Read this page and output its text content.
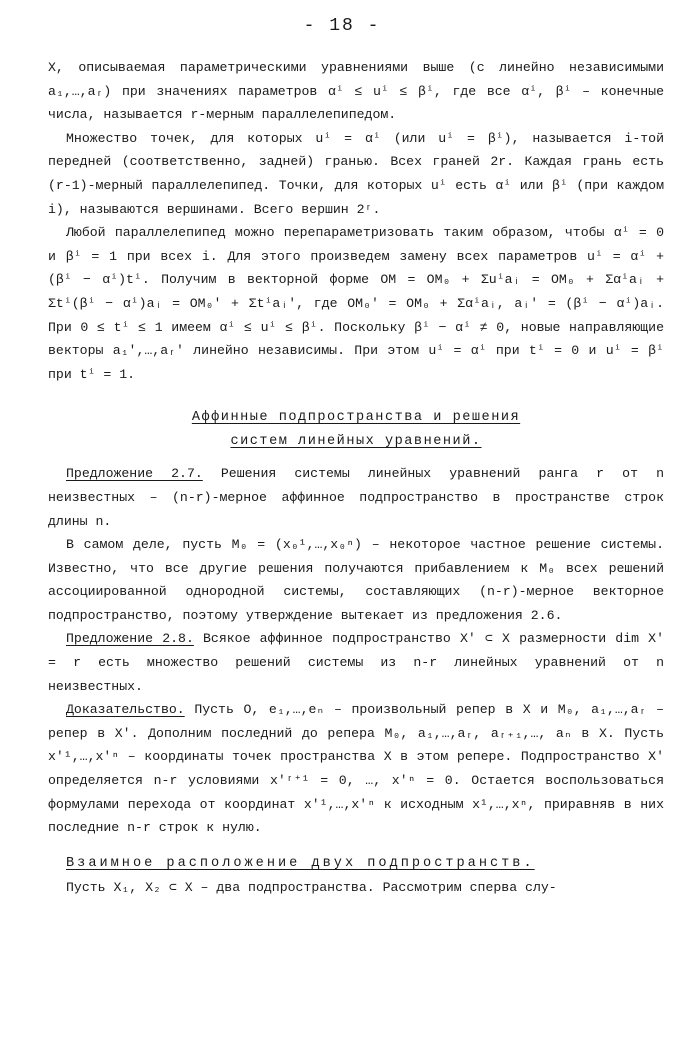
- 18 -

X, описываемая параметрическими уравнениями выше (с линейно независимыми a₁,…,aᵣ) при значениях параметров αⁱ ≤ uⁱ ≤ βⁱ, где все αⁱ, βⁱ – конечные числа, называется r-мерным параллелепипедом.

Множество точек, для которых uⁱ = αⁱ (или uⁱ = βⁱ), называется i-той передней (соответственно, задней) гранью. Всех граней 2r. Каждая грань есть (r-1)-мерный параллелепипед. Точки, для которых uⁱ есть αⁱ или βⁱ (при каждом i), называются вершинами. Всего вершин 2ʳ.

Любой параллелепипед можно перепараметризовать таким образом, чтобы αⁱ = 0 и βⁱ = 1 при всех i. Для этого произведем замену всех параметров uⁱ = αⁱ + (βⁱ − αⁱ)tⁱ. Получим в векторной форме OM = OM₀ + Σuⁱaᵢ = OM₀ + Σαⁱaᵢ + Σtⁱ(βⁱ − αⁱ)aᵢ = OM₀′ + Σtⁱaᵢ′, где OM₀′ = OM₀ + Σαⁱaᵢ, aᵢ′ = (βⁱ − αⁱ)aᵢ. При 0 ≤ tⁱ ≤ 1 имеем αⁱ ≤ uⁱ ≤ βⁱ. Поскольку βⁱ − αⁱ ≠ 0, новые направляющие векторы a₁′,…,aᵣ′ линейно независимы. При этом uⁱ = αⁱ при tⁱ = 0 и uⁱ = βⁱ при tⁱ = 1.

Аффинные подпространства и решения
систем линейных уравнений.

Предложение 2.7. Решения системы линейных уравнений ранга r от n неизвестных – (n-r)-мерное аффинное подпространство в пространстве строк длины n.

В самом деле, пусть M₀ = (x₀¹,…,x₀ⁿ) – некоторое частное решение системы. Известно, что все другие решения получаются прибавлением к M₀ всех решений ассоциированной однородной системы, составляющих (n-r)-мерное векторное подпространство, поэтому утверждение вытекает из предложения 2.6.

Предложение 2.8. Всякое аффинное подпространство X′ ⊂ X размерности dim X′ = r есть множество решений системы из n-r линейных уравнений от n неизвестных.

Доказательство. Пусть O, e₁,…,eₙ – произвольный репер в X и M₀, a₁,…,aᵣ – репер в X′. Дополним последний до репера M₀, a₁,…,aᵣ, aᵣ₊₁,…, aₙ в X. Пусть x′¹,…,x′ⁿ – координаты точек пространства X в этом репере. Подпространство X′ определяется n-r условиями x′ʳ⁺¹ = 0, …, x′ⁿ = 0. Остается воспользоваться формулами перехода от координат x′¹,…,x′ⁿ к исходным x¹,…,xⁿ, приравняв в них последние n-r строк к нулю.

Взаимное расположение двух подпространств.

Пусть X₁, X₂ ⊂ X – два подпространства. Рассмотрим сперва слу-
